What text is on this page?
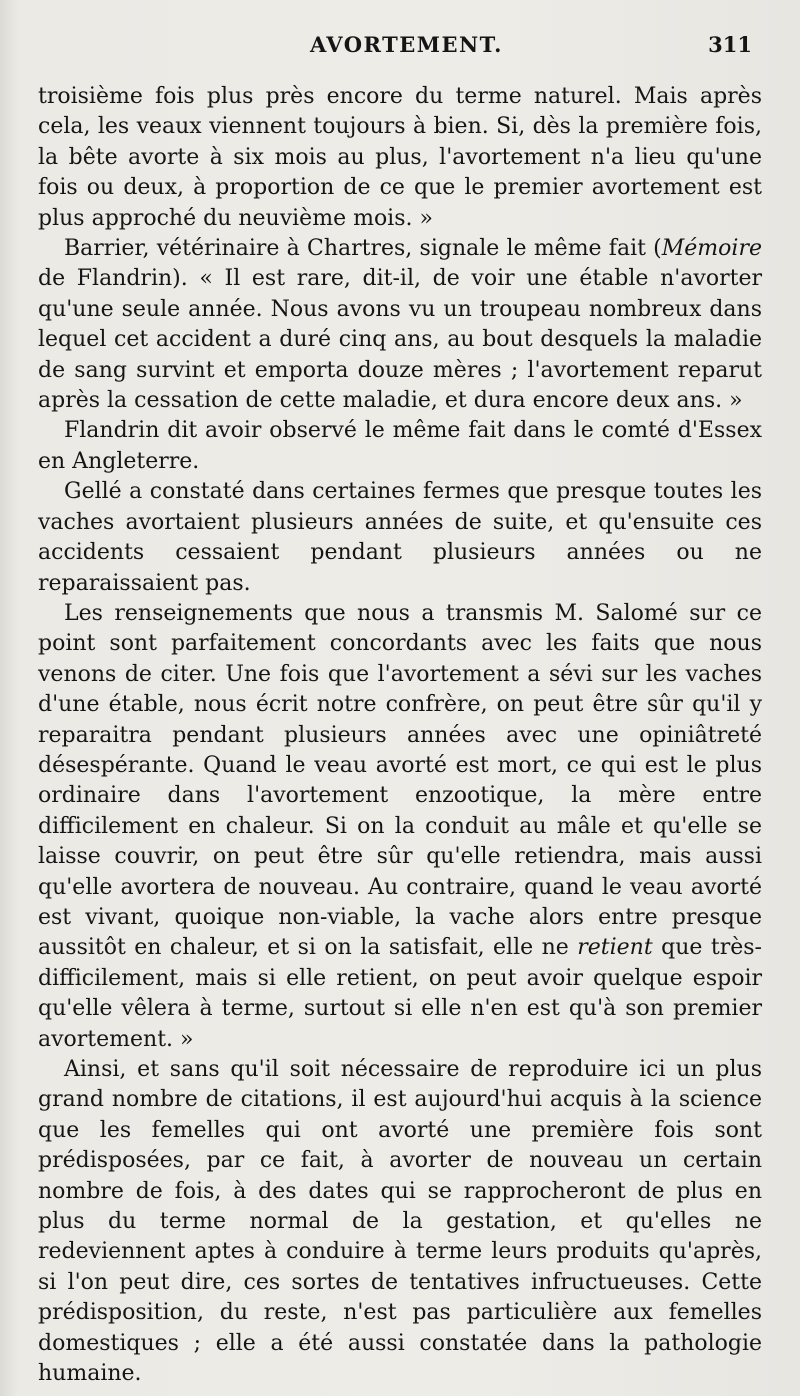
AVORTEMENT.	311

troisième fois plus près encore du terme naturel. Mais après cela, les veaux viennent toujours à bien. Si, dès la première fois, la bête avorte à six mois au plus, l'avortement n'a lieu qu'une fois ou deux, à proportion de ce que le premier avortement est plus approché du neuvième mois. »

Barrier, vétérinaire à Chartres, signale le même fait (Mémoire de Flandrin). « Il est rare, dit-il, de voir une étable n'avorter qu'une seule année. Nous avons vu un troupeau nombreux dans lequel cet accident a duré cinq ans, au bout desquels la maladie de sang survint et emporta douze mères ; l'avortement reparut après la cessation de cette maladie, et dura encore deux ans. »

Flandrin dit avoir observé le même fait dans le comté d'Essex en Angleterre.

Gellé a constaté dans certaines fermes que presque toutes les vaches avortaient plusieurs années de suite, et qu'ensuite ces accidents cessaient pendant plusieurs années ou ne reparaissaient pas.

Les renseignements que nous a transmis M. Salomé sur ce point sont parfaitement concordants avec les faits que nous venons de citer. Une fois que l'avortement a sévi sur les vaches d'une étable, nous écrit notre confrère, on peut être sûr qu'il y reparaitra pendant plusieurs années avec une opiniâtreté désespérante. Quand le veau avorté est mort, ce qui est le plus ordinaire dans l'avortement enzootique, la mère entre difficilement en chaleur. Si on la conduit au mâle et qu'elle se laisse couvrir, on peut être sûr qu'elle retiendra, mais aussi qu'elle avortera de nouveau. Au contraire, quand le veau avorté est vivant, quoique non-viable, la vache alors entre presque aussitôt en chaleur, et si on la satisfait, elle ne retient que très-difficilement, mais si elle retient, on peut avoir quelque espoir qu'elle vêlera à terme, surtout si elle n'en est qu'à son premier avortement. »

Ainsi, et sans qu'il soit nécessaire de reproduire ici un plus grand nombre de citations, il est aujourd'hui acquis à la science que les femelles qui ont avorté une première fois sont prédisposées, par ce fait, à avorter de nouveau un certain nombre de fois, à des dates qui se rapprocheront de plus en plus du terme normal de la gestation, et qu'elles ne redeviennent aptes à conduire à terme leurs produits qu'après, si l'on peut dire, ces sortes de tentatives infructueuses. Cette prédisposition, du reste, n'est pas particulière aux femelles domestiques ; elle a été aussi constatée dans la pathologie humaine.
